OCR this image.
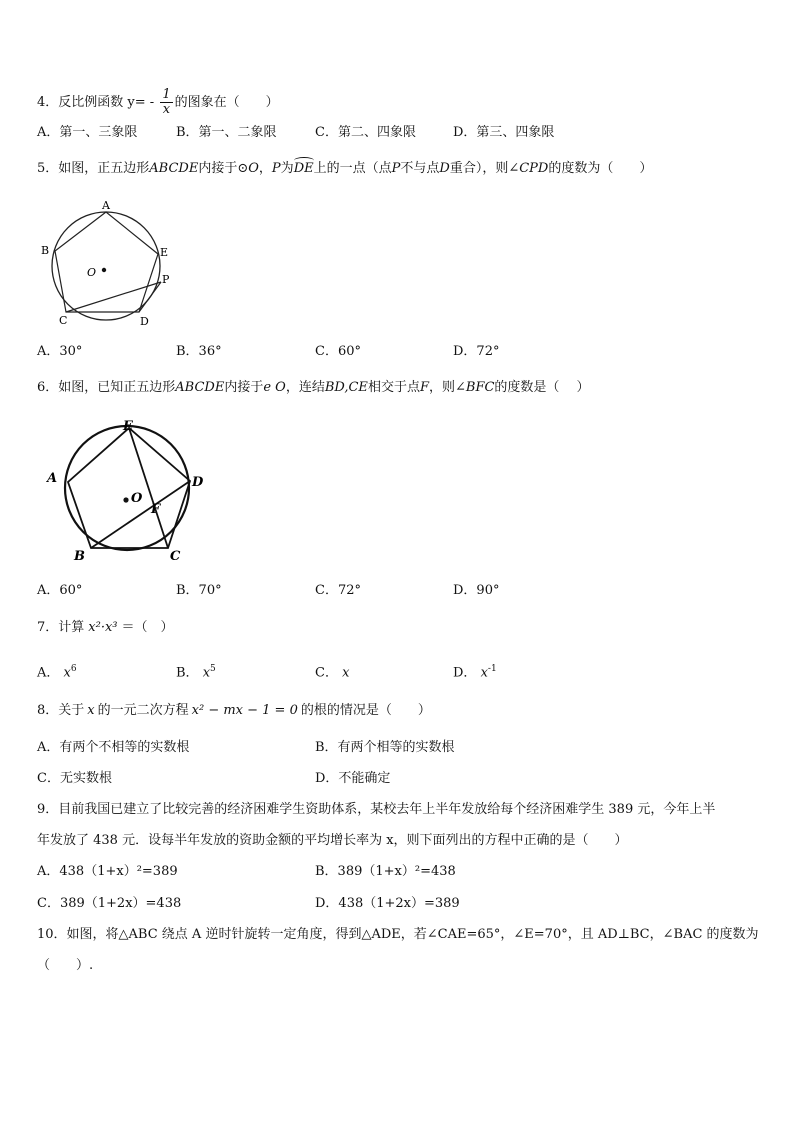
4．反比例函数 $y= - \frac{1}{x}$ 的图象在（　　）
A．第一、三象限	B．第一、二象限	C．第二、四象限	D．第三、四象限
5．如图，正五边形ABCDE内接于⊙O，P为DE上的一点（点P不与点D重合），则∠CPD的度数为（　　）
A
B
C	D
E
P
O
A．30°	B．36°	C．60°	D．72°
6．如图，已知正五边形ABCDE内接于e O，连结BD,CE相交于点F，则∠BFC的度数是（　 ）
E
A	D
B	C
F
O
A．60°	B．70°	C．72°	D．90°
7．计算 x²·x³ ＝（　）
A． $x^6$	B． $x^5$	C． x	D． $x^{-1}$
8．关于 x 的一元二次方程 x² − mx − 1 = 0 的根的情况是（　　）
A．有两个不相等的实数根	B．有两个相等的实数根
C．无实数根	D．不能确定
9．目前我国已建立了比较完善的经济困难学生资助体系，某校去年上半年发放给每个经济困难学生 389 元，今年上半
年发放了 438 元．设每半年发放的资助金额的平均增长率为 x，则下面列出的方程中正确的是（　　）
A．438（1+x）²=389	B．389（1+x）²=438
C．389（1+2x）=438	D．438（1+2x）=389
10．如图，将△ABC 绕点 A 逆时针旋转一定角度，得到△ADE，若∠CAE=65°，∠E=70°，且 AD⊥BC，∠BAC 的度数为
（　　）.
